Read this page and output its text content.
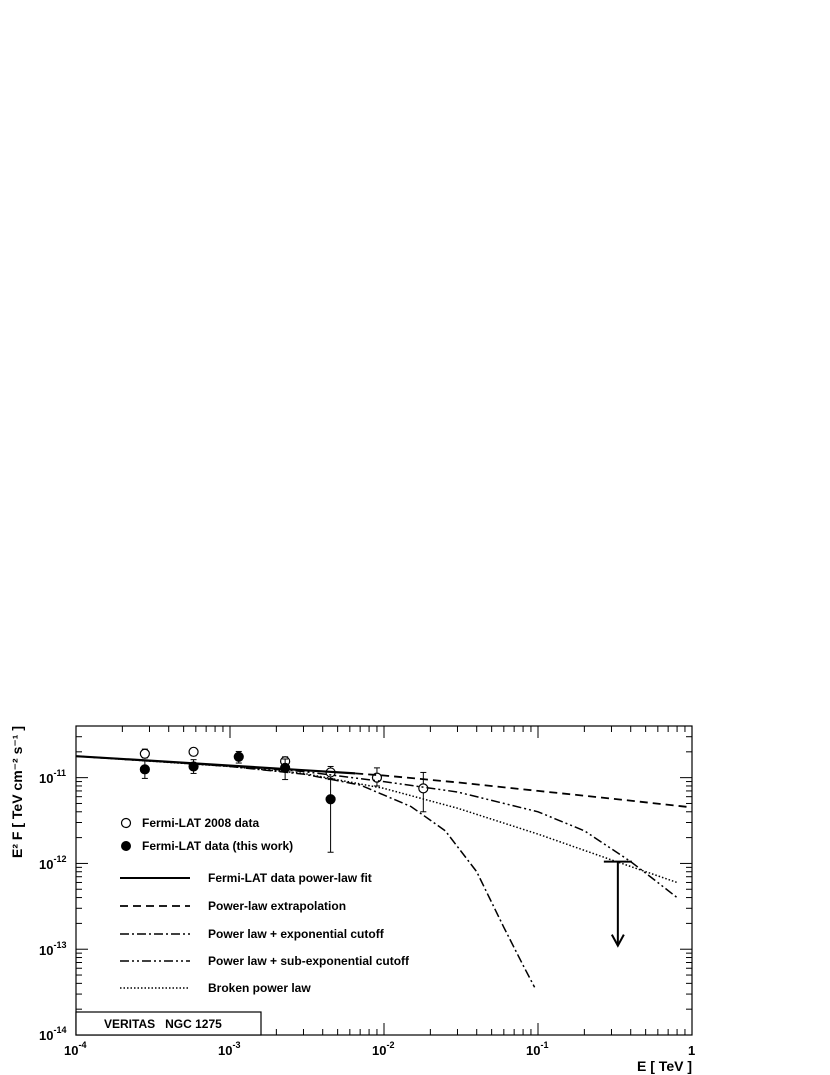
$10^{-14}$
$10^{-13}$
$10^{-12}$
$10^{-11}$
$10^{-4}$	$10^{-3}$	$10^{-2}$	$10^{-1}$	1
E [ TeV ]
E² F [ TeV cm⁻² s⁻¹ ]	Fermi-LAT 2008 data
Fermi-LAT data (this work)
Fermi-LAT data power-law fit
Power-law extrapolation
Power law + exponential cutoff
Power law + sub-exponential cutoff
Broken power law
VERITAS   NGC 1275
